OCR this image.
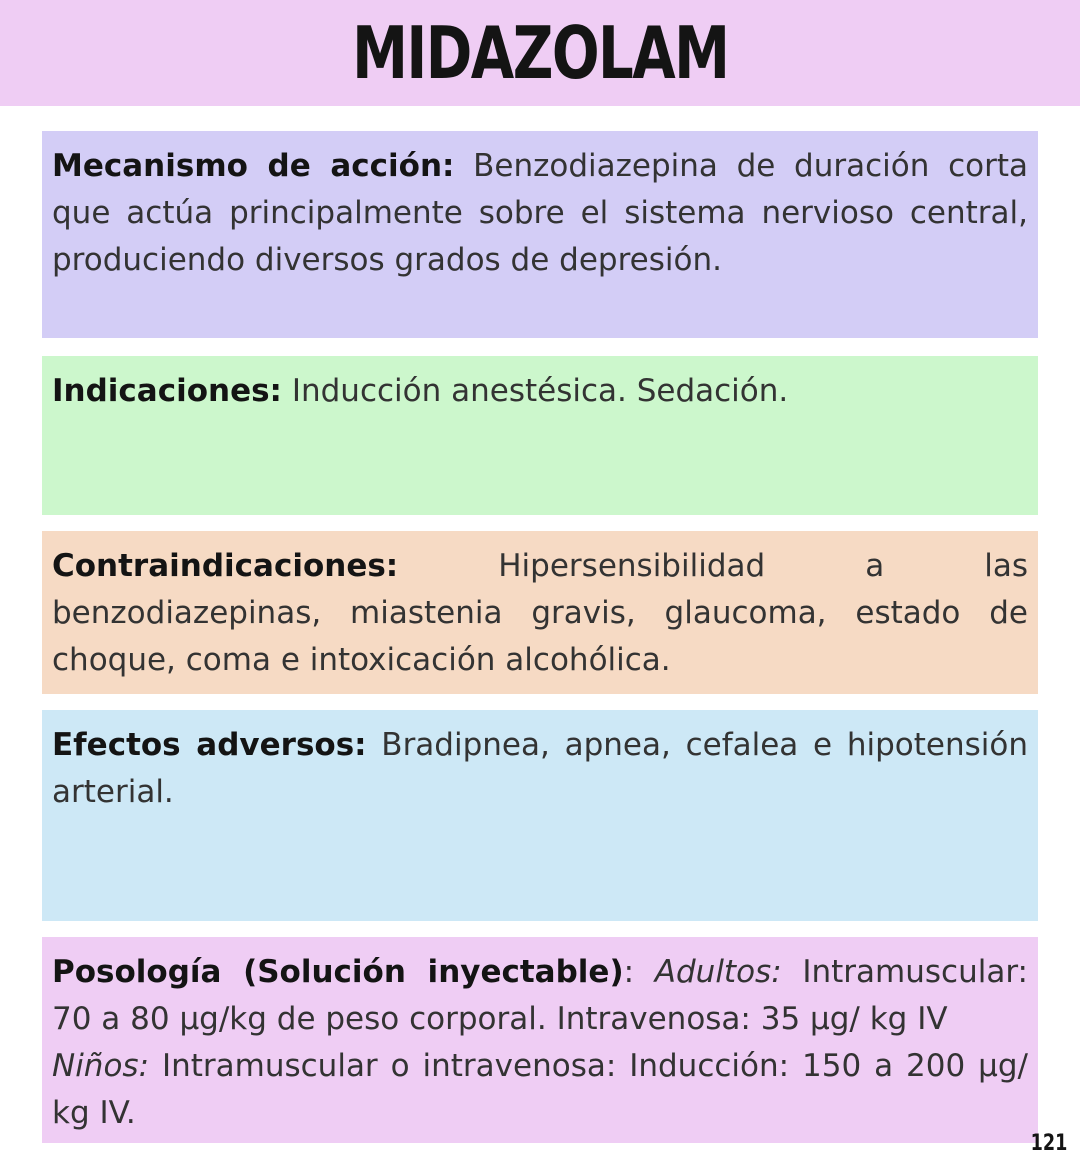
MIDAZOLAM
Mecanismo de acción: Benzodiazepina de duración corta que actúa principalmente sobre el sistema nervioso central, produciendo diversos grados de depresión.
Indicaciones: Inducción anestésica. Sedación.
Contraindicaciones:	Hipersensibilidad a las benzodiazepinas, miastenia gravis, glaucoma, estado de choque, coma e intoxicación alcohólica.
Efectos adversos: Bradipnea, apnea, cefalea e hipotensión arterial.
Posología (Solución inyectable): Adultos: Intramuscular: 70 a 80 µg/kg de peso corporal. Intravenosa: 35 µg/ kg IV
Niños: Intramuscular o intravenosa: Inducción: 150 a 200 µg/ kg IV.
121
